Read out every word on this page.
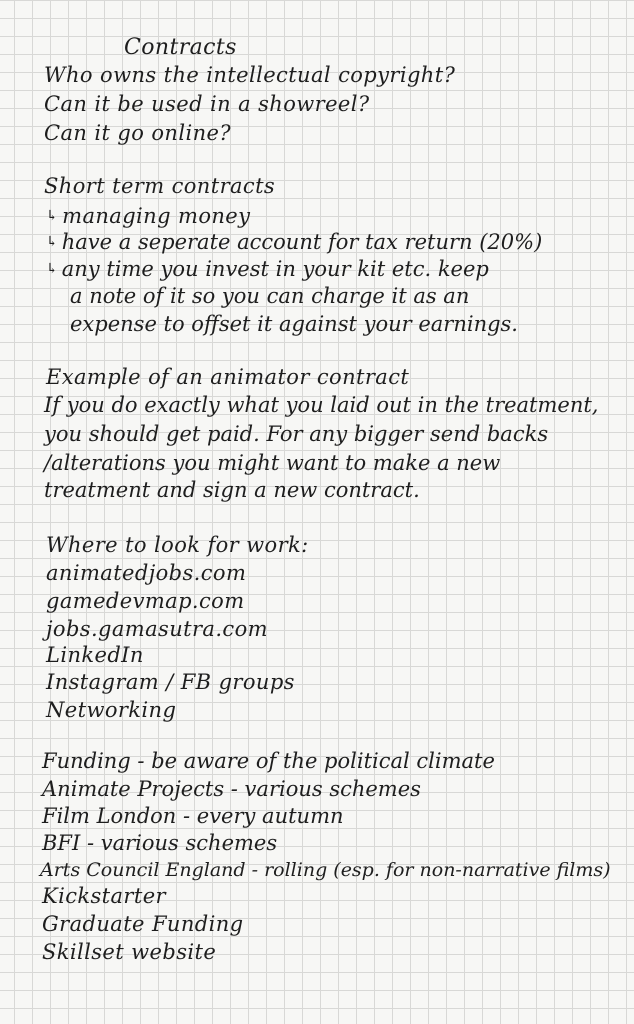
Contracts
Who owns the intellectual copyright?
Can it be used in a showreel?
Can it go online?
Short term contracts
↳ managing money
↳ have a seperate account for tax return (20%)
↳ any time you invest in your kit etc. keep
a note of it so you can charge it as an
expense to offset it against your earnings.
Example of an animator contract
If you do exactly what you laid out in the treatment,
you should get paid. For any bigger send backs
/alterations you might want to make a new
treatment and sign a new contract.
Where to look for work:
animatedjobs.com
gamedevmap.com
jobs.gamasutra.com
LinkedIn
Instagram / FB groups
Networking
Funding - be aware of the political climate
Animate Projects - various schemes
Film London - every autumn
BFI - various schemes
Arts Council England - rolling (esp. for non-narrative films)
Kickstarter
Graduate Funding
Skillset website
